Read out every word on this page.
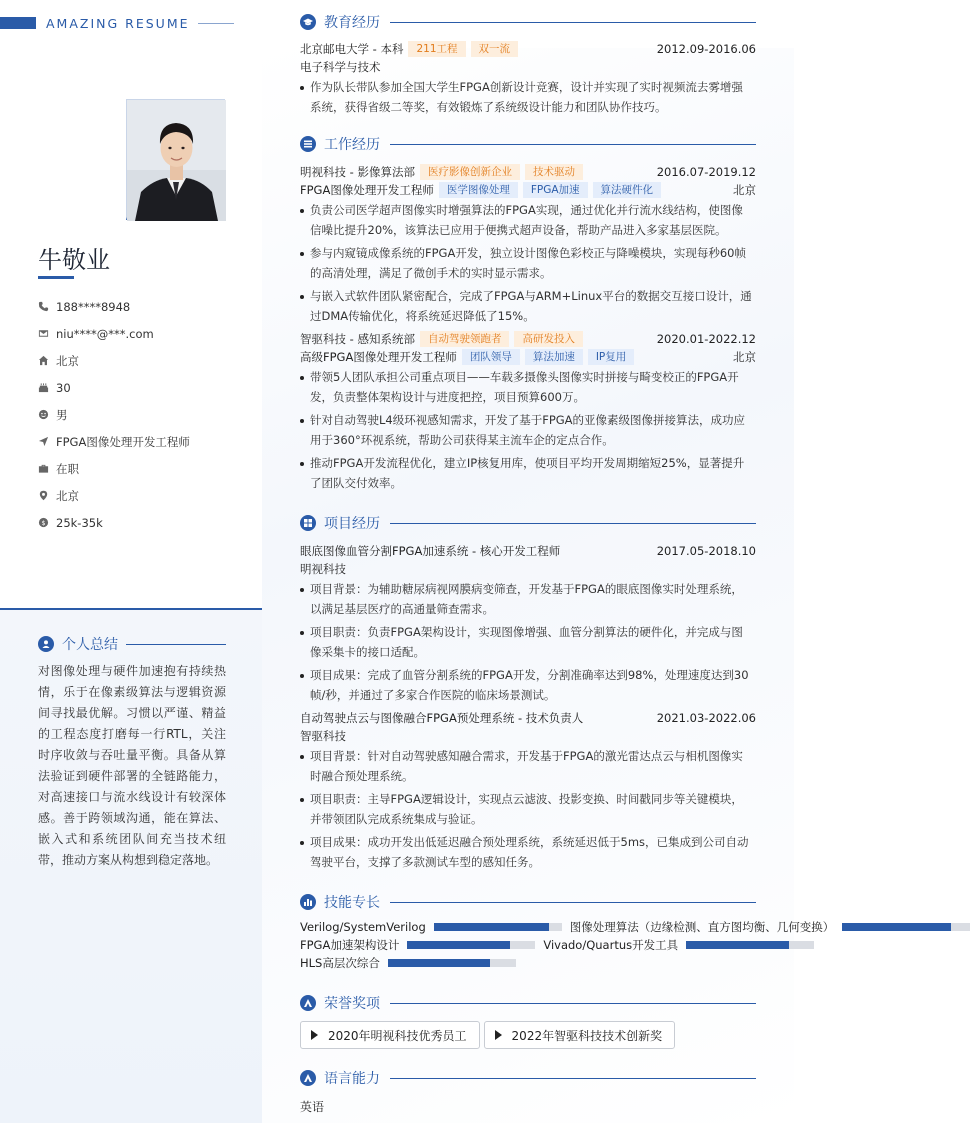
AMAZING RESUME
牛敬业
188****8948
niu****@***.com
北京
30
男
FPGA图像处理开发工程师
在职
北京
$ 25k-35k
个人总结
对图像处理与硬件加速抱有持续热情，乐于在像素级算法与逻辑资源间寻找最优解。习惯以严谨、精益的工程态度打磨每一行RTL，关注时序收敛与吞吐量平衡。具备从算法验证到硬件部署的全链路能力，对高速接口与流水线设计有较深体感。善于跨领域沟通，能在算法、嵌入式和系统团队间充当技术纽带，推动方案从构想到稳定落地。
教育经历
北京邮电大学 - 本科	211工程	双一流	2012.09-2016.06
电子科学与技术
作为队长带队参加全国大学生FPGA创新设计竞赛，设计并实现了实时视频流去雾增强系统，获得省级二等奖，有效锻炼了系统级设计能力和团队协作技巧。
工作经历
明视科技 - 影像算法部	医疗影像创新企业	技术驱动	2016.07-2019.12
FPGA图像处理开发工程师	医学图像处理	FPGA加速	算法硬件化	北京
负责公司医学超声图像实时增强算法的FPGA实现，通过优化并行流水线结构，使图像信噪比提升20%，该算法已应用于便携式超声设备，帮助产品进入多家基层医院。
参与内窥镜成像系统的FPGA开发，独立设计图像色彩校正与降噪模块，实现每秒60帧的高清处理，满足了微创手术的实时显示需求。
与嵌入式软件团队紧密配合，完成了FPGA与ARM+Linux平台的数据交互接口设计，通过DMA传输优化，将系统延迟降低了15%。
智驱科技 - 感知系统部	自动驾驶领跑者	高研发投入	2020.01-2022.12
高级FPGA图像处理开发工程师	团队领导	算法加速	IP复用	北京
带领5人团队承担公司重点项目——车载多摄像头图像实时拼接与畸变校正的FPGA开发，负责整体架构设计与进度把控，项目预算600万。
针对自动驾驶L4级环视感知需求，开发了基于FPGA的亚像素级图像拼接算法，成功应用于360°环视系统，帮助公司获得某主流车企的定点合作。
推动FPGA开发流程优化，建立IP核复用库，使项目平均开发周期缩短25%，显著提升了团队交付效率。
项目经历
眼底图像血管分割FPGA加速系统 - 核心开发工程师	2017.05-2018.10
明视科技
项目背景：为辅助糖尿病视网膜病变筛查，开发基于FPGA的眼底图像实时处理系统，以满足基层医疗的高通量筛查需求。
项目职责：负责FPGA架构设计，实现图像增强、血管分割算法的硬件化，并完成与图像采集卡的接口适配。
项目成果：完成了血管分割系统的FPGA开发，分割准确率达到98%，处理速度达到30帧/秒，并通过了多家合作医院的临床场景测试。
自动驾驶点云与图像融合FPGA预处理系统 - 技术负责人	2021.03-2022.06
智驱科技
项目背景：针对自动驾驶感知融合需求，开发基于FPGA的激光雷达点云与相机图像实时融合预处理系统。
项目职责：主导FPGA逻辑设计，实现点云滤波、投影变换、时间戳同步等关键模块，并带领团队完成系统集成与验证。
项目成果：成功开发出低延迟融合预处理系统，系统延迟低于5ms，已集成到公司自动驾驶平台，支撑了多款测试车型的感知任务。
技能专长
Verilog/SystemVerilog	图像处理算法（边缘检测、直方图均衡、几何变换）
FPGA加速架构设计	Vivado/Quartus开发工具
HLS高层次综合
荣誉奖项
2020年明视科技优秀员工	2022年智驱科技技术创新奖
语言能力
英语
